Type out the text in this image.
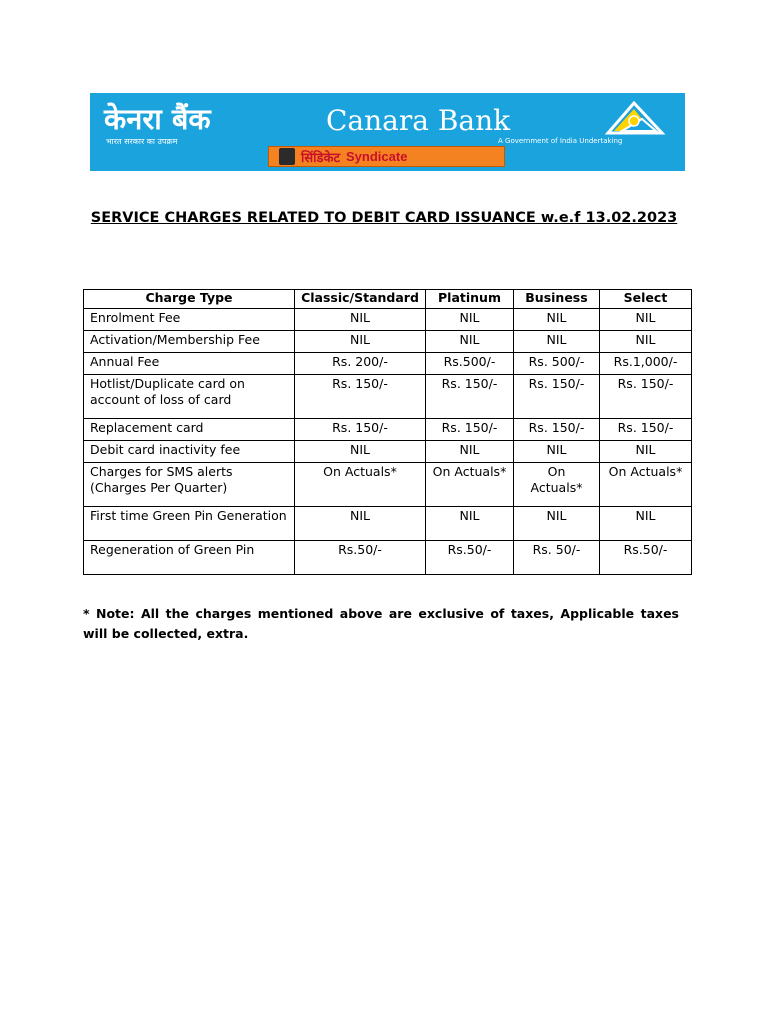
केनरा बैंक
भारत सरकार का उपक्रम
Canara Bank
A Government of India Undertaking
सिंडिकेट Syndicate
SERVICE CHARGES RELATED TO DEBIT CARD ISSUANCE w.e.f 13.02.2023
Charge Type	Classic/Standard	Platinum	Business	Select
Enrolment Fee	NIL	NIL	NIL	NIL
Activation/Membership Fee	NIL	NIL	NIL	NIL
Annual Fee	Rs. 200/-	Rs.500/-	Rs. 500/-	Rs.1,000/-
Hotlist/Duplicate card on account of loss of card	Rs. 150/-	Rs. 150/-	Rs. 150/-	Rs. 150/-
Replacement card	Rs. 150/-	Rs. 150/-	Rs. 150/-	Rs. 150/-
Debit card inactivity fee	NIL	NIL	NIL	NIL
Charges for SMS alerts (Charges Per Quarter)	On Actuals*	On Actuals*	On Actuals*	On Actuals*
First time Green Pin Generation	NIL	NIL	NIL	NIL
Regeneration of Green Pin	Rs.50/-	Rs.50/-	Rs. 50/-	Rs.50/-
* Note: All the charges mentioned above are exclusive of taxes, Applicable taxes will be collected, extra.
